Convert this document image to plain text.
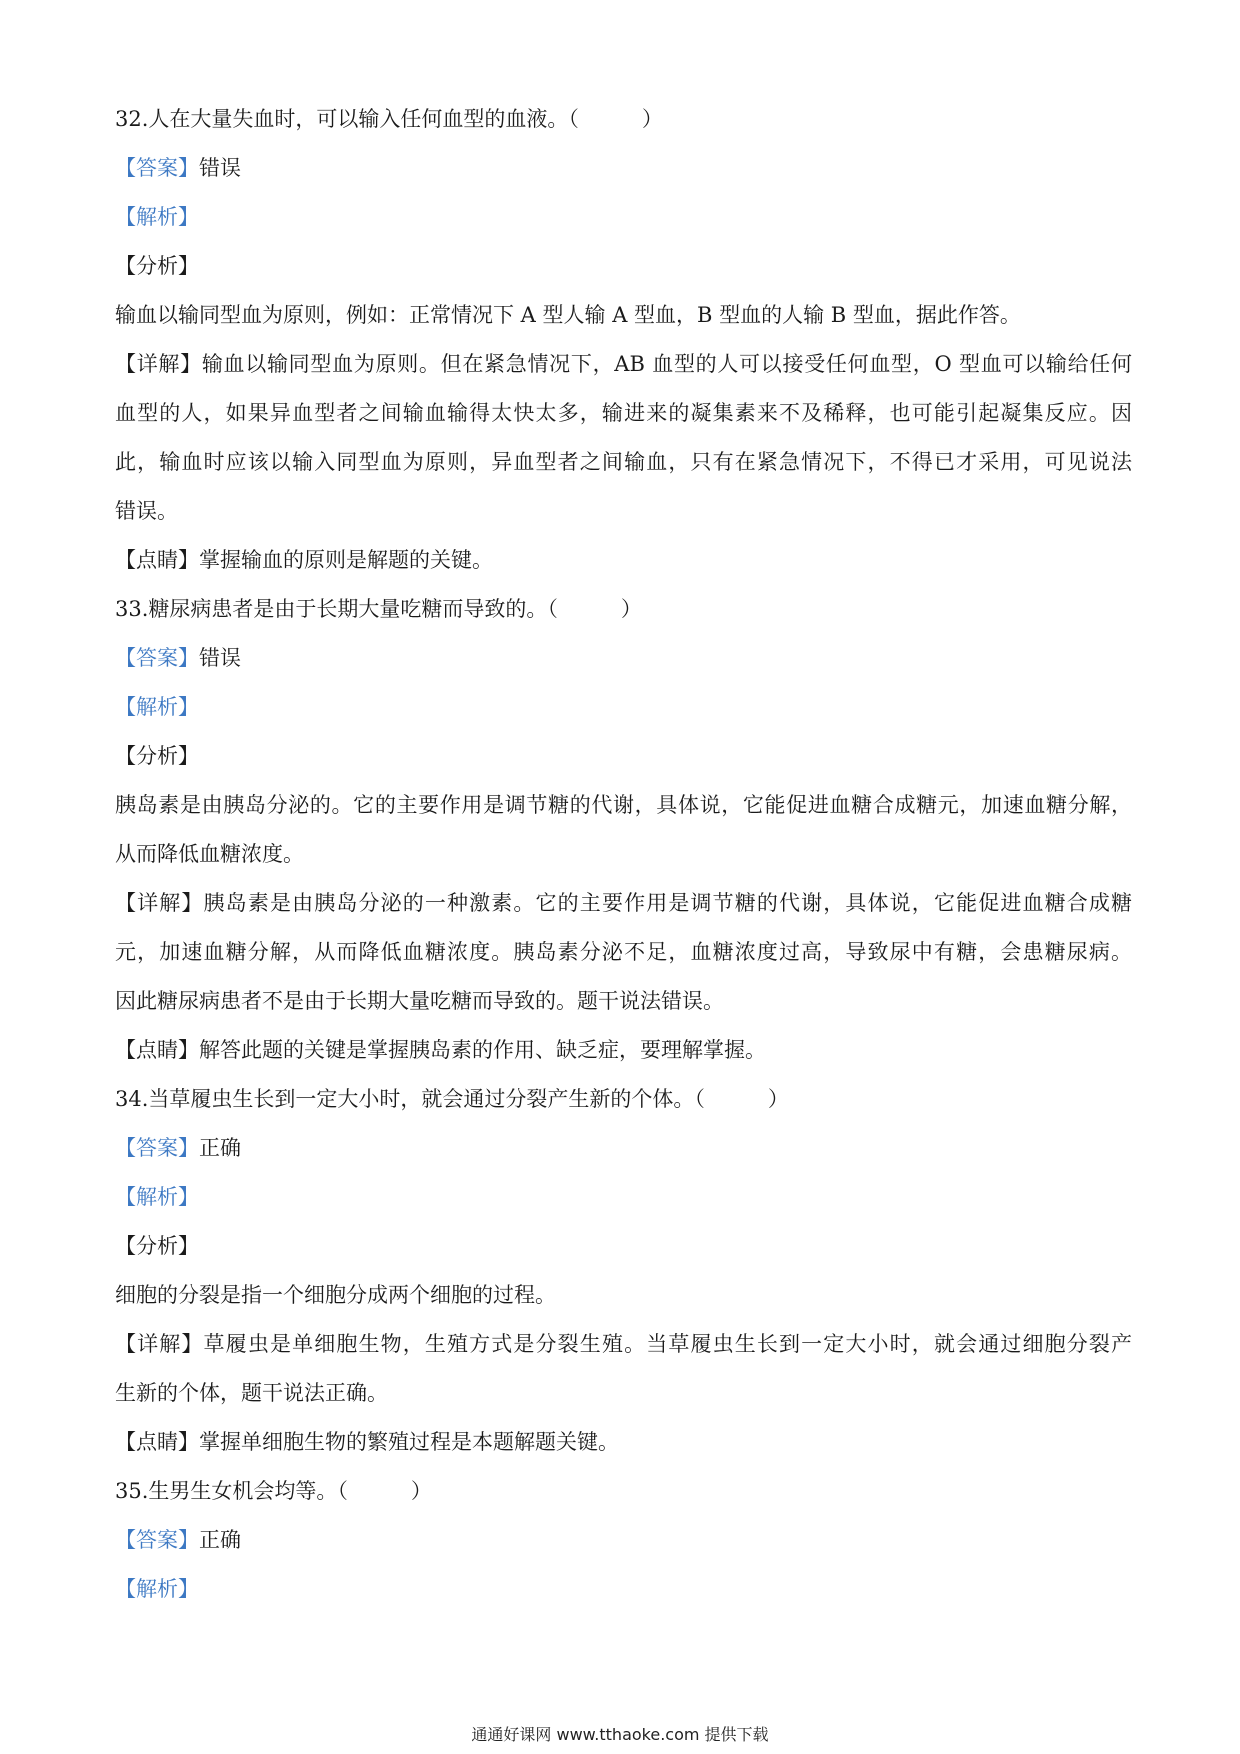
32.人在大量失血时，可以输入任何血型的血液。（　　　）
【答案】错误
【解析】
【分析】
输血以输同型血为原则，例如：正常情况下 A 型人输 A 型血，B 型血的人输 B 型血，据此作答。
【详解】输血以输同型血为原则。但在紧急情况下，AB 血型的人可以接受任何血型，O 型血可以输给任何
血型的人，如果异血型者之间输血输得太快太多，输进来的凝集素来不及稀释，也可能引起凝集反应。因
此，输血时应该以输入同型血为原则，异血型者之间输血，只有在紧急情况下，不得已才采用，可见说法
错误。
【点睛】掌握输血的原则是解题的关键。
33.糖尿病患者是由于长期大量吃糖而导致的。（　　　）
【答案】错误
【解析】
【分析】
胰岛素是由胰岛分泌的。它的主要作用是调节糖的代谢，具体说，它能促进血糖合成糖元，加速血糖分解，
从而降低血糖浓度。
【详解】胰岛素是由胰岛分泌的一种激素。它的主要作用是调节糖的代谢，具体说，它能促进血糖合成糖
元，加速血糖分解，从而降低血糖浓度。胰岛素分泌不足，血糖浓度过高，导致尿中有糖，会患糖尿病。
因此糖尿病患者不是由于长期大量吃糖而导致的。题干说法错误。
【点睛】解答此题的关键是掌握胰岛素的作用、缺乏症，要理解掌握。
34.当草履虫生长到一定大小时，就会通过分裂产生新的个体。（　　　）
【答案】正确
【解析】
【分析】
细胞的分裂是指一个细胞分成两个细胞的过程。
【详解】草履虫是单细胞生物，生殖方式是分裂生殖。当草履虫生长到一定大小时，就会通过细胞分裂产
生新的个体，题干说法正确。
【点睛】掌握单细胞生物的繁殖过程是本题解题关键。
35.生男生女机会均等。（　　　）
【答案】正确
【解析】
通通好课网 www.tthaoke.com 提供下载
